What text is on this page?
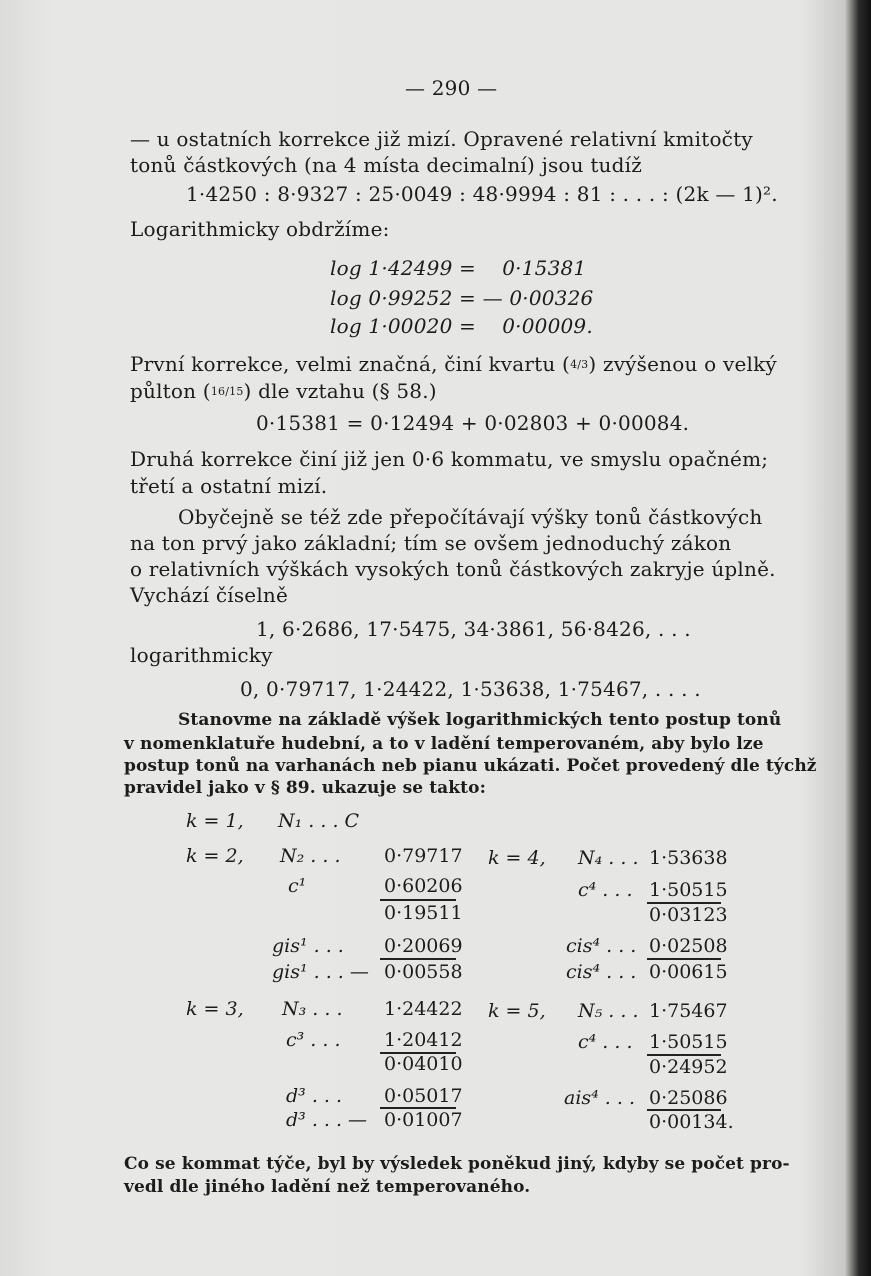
— 290 —
— u ostatních korrekce již mizí. Opravené relativní kmitočty
tonů částkových (na 4 místa decimalní) jsou tudíž
1·4250 : 8·9327 : 25·0049 : 48·9994 : 81 : . . . : (2k — 1)².
Logarithmicky obdržíme:
log 1·42499 =    0·15381
log 0·99252 = — 0·00326
log 1·00020 =    0·00009.
První korrekce, velmi značná, činí kvartu (4/3) zvýšenou o velký
půlton (16/15) dle vztahu (§ 58.)
0·15381 = 0·12494 + 0·02803 + 0·00084.
Druhá korrekce činí již jen 0·6 kommatu, ve smyslu opačném;
třetí a ostatní mizí.
Obyčejně se též zde přepočítávají výšky tonů částkových
na ton prvý jako základní; tím se ovšem jednoduchý zákon
o relativních výškách vysokých tonů částkových zakryje úplně.
Vychází číselně
1, 6·2686, 17·5475, 34·3861, 56·8426, . . .
logarithmicky
0, 0·79717, 1·24422, 1·53638, 1·75467, . . . .
Stanovme na základě výšek logarithmických tento postup tonů
v nomenklatuře hudební, a to v ladění temperovaném, aby bylo lze
postup tonů na varhanách neb pianu ukázati. Počet provedený dle týchž
pravidel jako v § 89. ukazuje se takto:
k = 1, N₁ . . . C
k = 2, N₂ . . . 0·79717
c¹	0·60206
0·19511
gis¹ . . . 0·20069
gis¹ . . . — 0·00558
k = 3, N₃ . . . 1·24422
c³ . . . 1·20412
0·04010
d³ . . . 0·05017
d³ . . . — 0·01007
k = 4, N₄ . . . 1·53638
c⁴ . . . 1·50515
0·03123
cis⁴ . . . 0·02508
cis⁴ . . . 0·00615
k = 5, N₅ . . . 1·75467
c⁴ . . . 1·50515
0·24952
ais⁴ . . . 0·25086
0·00134.
Co se kommat týče, byl by výsledek poněkud jiný, kdyby se počet pro-
vedl dle jiného ladění než temperovaného.
